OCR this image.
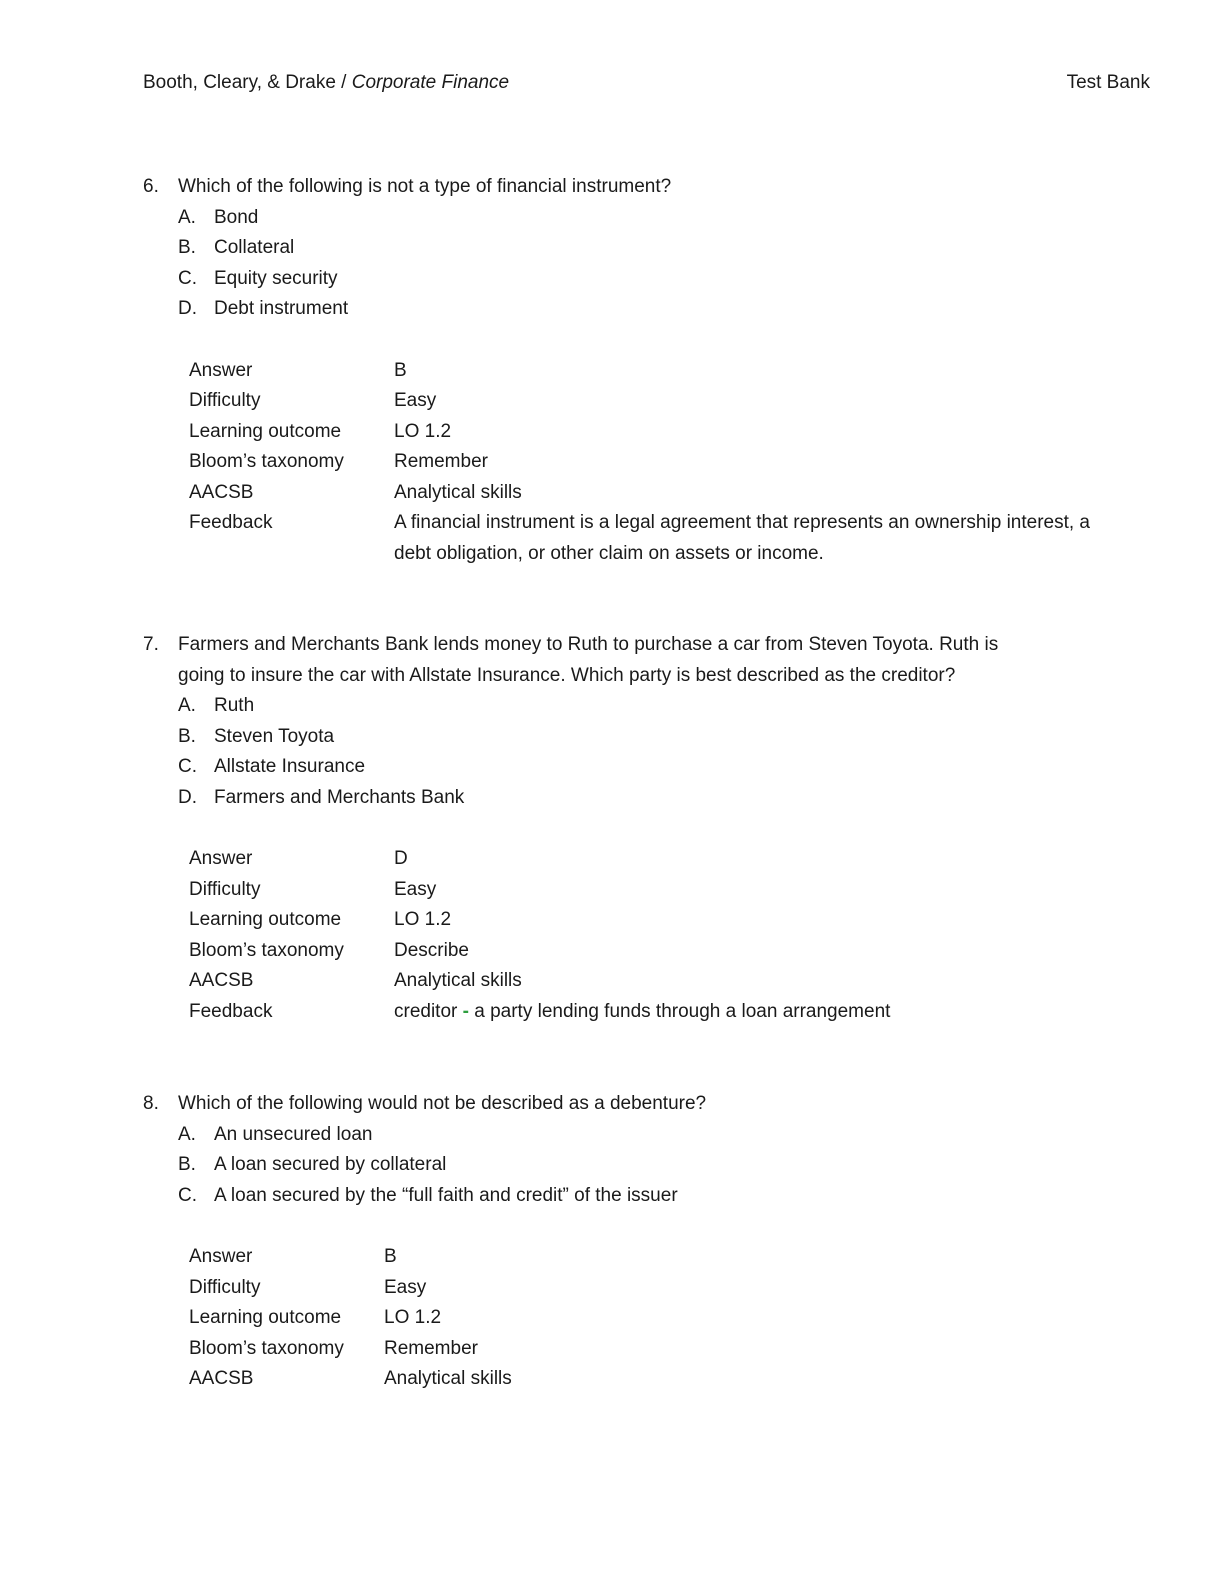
Booth, Cleary, & Drake / Corporate Finance	Test Bank
6. Which of the following is not a type of financial instrument?
A. Bond
B. Collateral
C. Equity security
D. Debt instrument
Answer	B
Difficulty	Easy
Learning outcome	LO 1.2
Bloom’s taxonomy	Remember
AACSB	Analytical skills
Feedback	A financial instrument is a legal agreement that represents an ownership interest, a
debt obligation, or other claim on assets or income.
7. Farmers and Merchants Bank lends money to Ruth to purchase a car from Steven Toyota. Ruth is
going to insure the car with Allstate Insurance. Which party is best described as the creditor?
A. Ruth
B. Steven Toyota
C. Allstate Insurance
D. Farmers and Merchants Bank
Answer	D
Difficulty	Easy
Learning outcome	LO 1.2
Bloom’s taxonomy	Describe
AACSB	Analytical skills
Feedback	creditor - a party lending funds through a loan arrangement
8. Which of the following would not be described as a debenture?
A. An unsecured loan
B. A loan secured by collateral
C. A loan secured by the “full faith and credit” of the issuer
Answer	B
Difficulty	Easy
Learning outcome	LO 1.2
Bloom’s taxonomy	Remember
AACSB	Analytical skills
